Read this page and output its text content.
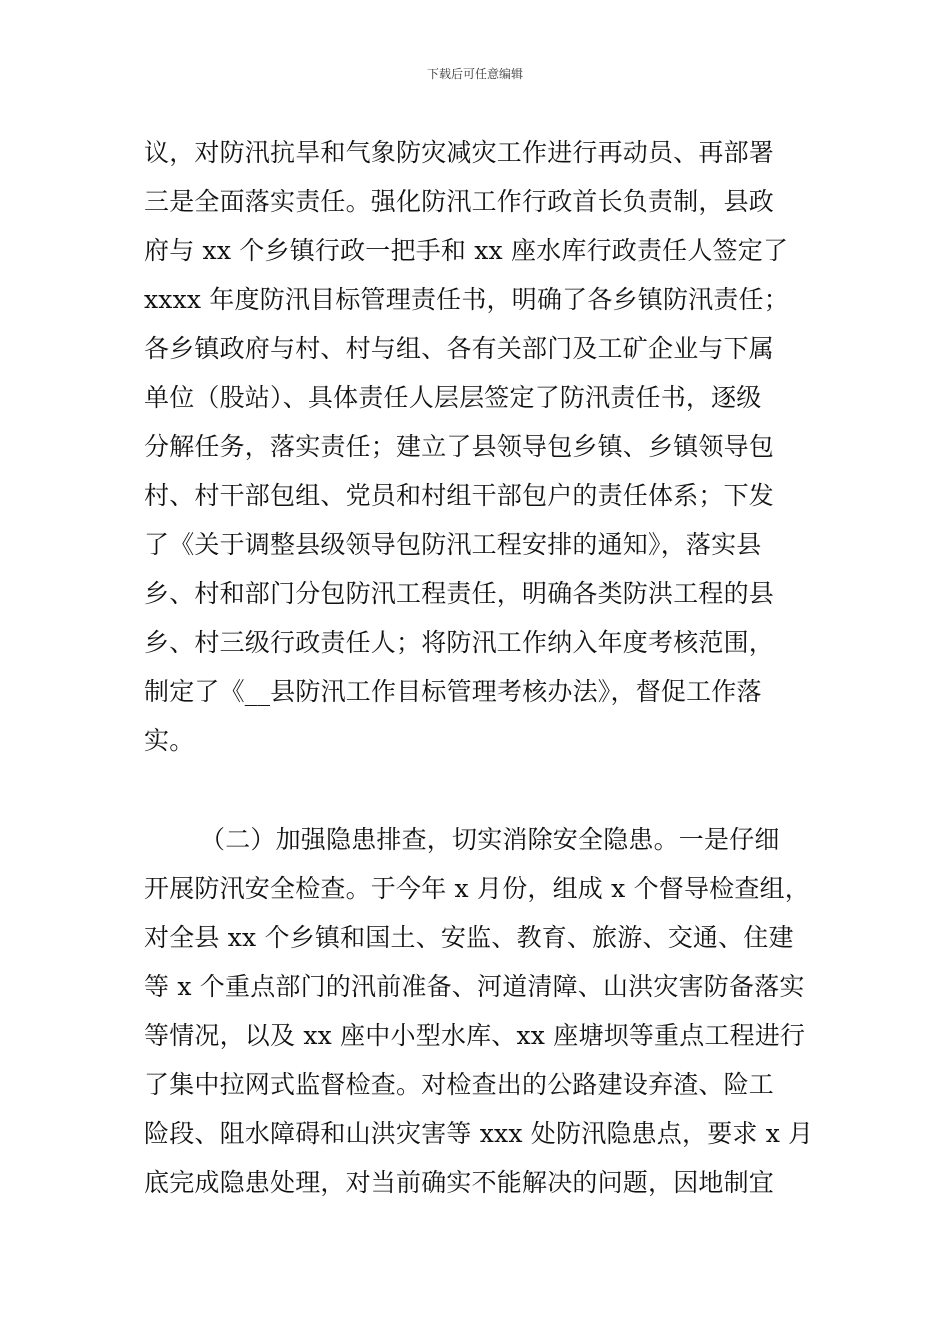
下载后可任意编辑
议，对防汛抗旱和气象防灾减灾工作进行再动员、再部署
三是全面落实责任。强化防汛工作行政首长负责制，县政
府与 xx 个乡镇行政一把手和 xx 座水库行政责任人签定了
xxxx 年度防汛目标管理责任书，明确了各乡镇防汛责任；
各乡镇政府与村、村与组、各有关部门及工矿企业与下属
单位（股站）、具体责任人层层签定了防汛责任书，逐级
分解任务，落实责任；建立了县领导包乡镇、乡镇领导包
村、村干部包组、党员和村组干部包户的责任体系；下发
了《关于调整县级领导包防汛工程安排的通知》，落实县
乡、村和部门分包防汛工程责任，明确各类防洪工程的县
乡、村三级行政责任人；将防汛工作纳入年度考核范围，
制定了《__县防汛工作目标管理考核办法》，督促工作落
实。
（二）加强隐患排查，切实消除安全隐患。一是仔细
开展防汛安全检查。于今年 x 月份，组成 x 个督导检查组，
对全县 xx 个乡镇和国土、安监、教育、旅游、交通、住建
等 x 个重点部门的汛前准备、河道清障、山洪灾害防备落实
等情况，以及 xx 座中小型水库、xx 座塘坝等重点工程进行
了集中拉网式监督检查。对检查出的公路建设弃渣、险工
险段、阻水障碍和山洪灾害等 xxx 处防汛隐患点，要求 x 月
底完成隐患处理，对当前确实不能解决的问题，因地制宜
